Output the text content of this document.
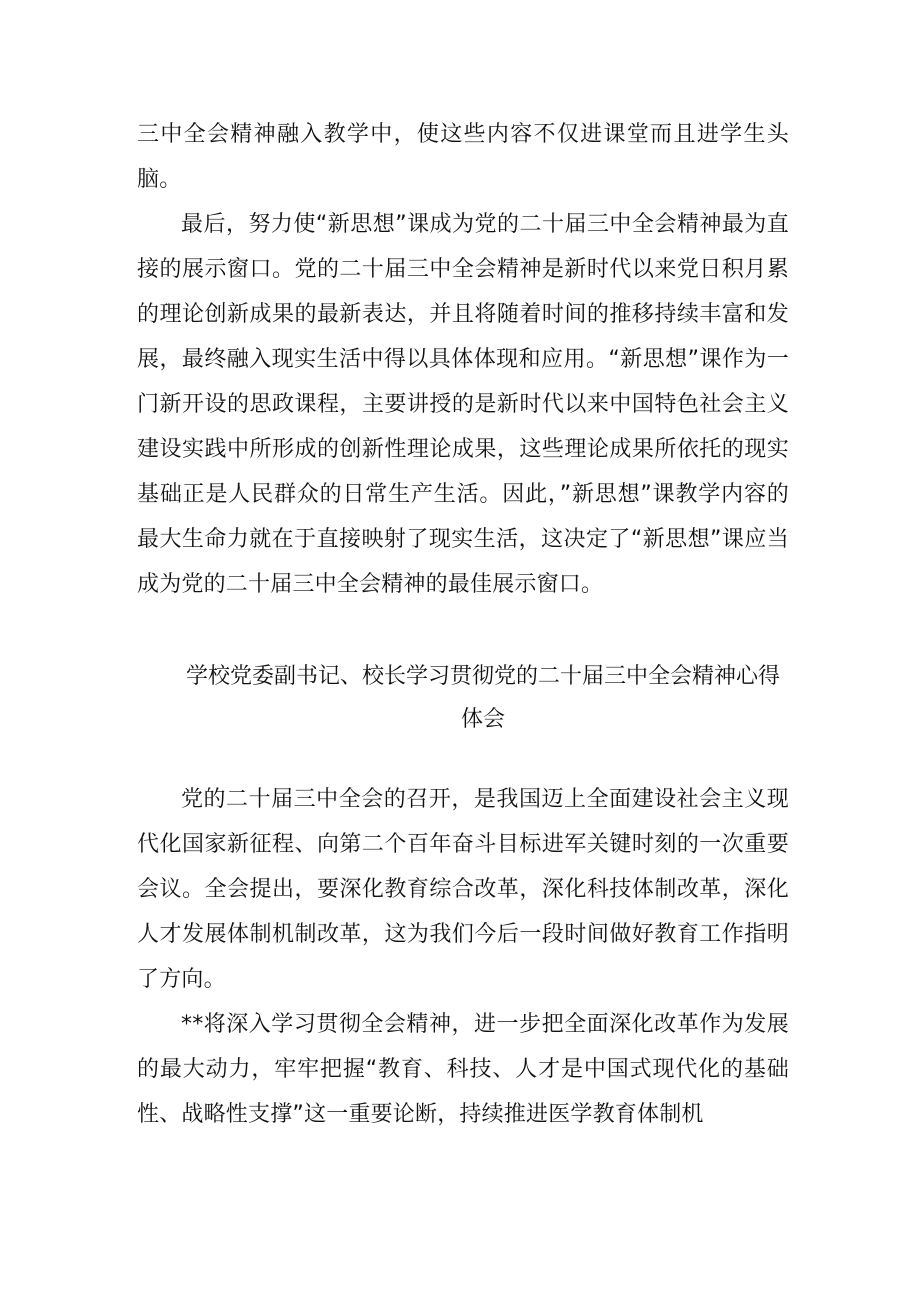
三中全会精神融入教学中，使这些内容不仅进课堂而且进学生头脑。

最后，努力使“新思想”课成为党的二十届三中全会精神最为直接的展示窗口。党的二十届三中全会精神是新时代以来党日积月累的理论创新成果的最新表达，并且将随着时间的推移持续丰富和发展，最终融入现实生活中得以具体体现和应用。“新思想”课作为一门新开设的思政课程，主要讲授的是新时代以来中国特色社会主义建设实践中所形成的创新性理论成果，这些理论成果所依托的现实基础正是人民群众的日常生产生活。因此，”新思想”课教学内容的最大生命力就在于直接映射了现实生活，这决定了“新思想”课应当成为党的二十届三中全会精神的最佳展示窗口。

学校党委副书记、校长学习贯彻党的二十届三中全会精神心得体会

党的二十届三中全会的召开，是我国迈上全面建设社会主义现代化国家新征程、向第二个百年奋斗目标进军关键时刻的一次重要会议。全会提出，要深化教育综合改革，深化科技体制改革，深化人才发展体制机制改革，这为我们今后一段时间做好教育工作指明了方向。

**将深入学习贯彻全会精神，进一步把全面深化改革作为发展的最大动力，牢牢把握“教育、科技、人才是中国式现代化的基础性、战略性支撑”这一重要论断，持续推进医学教育体制机
